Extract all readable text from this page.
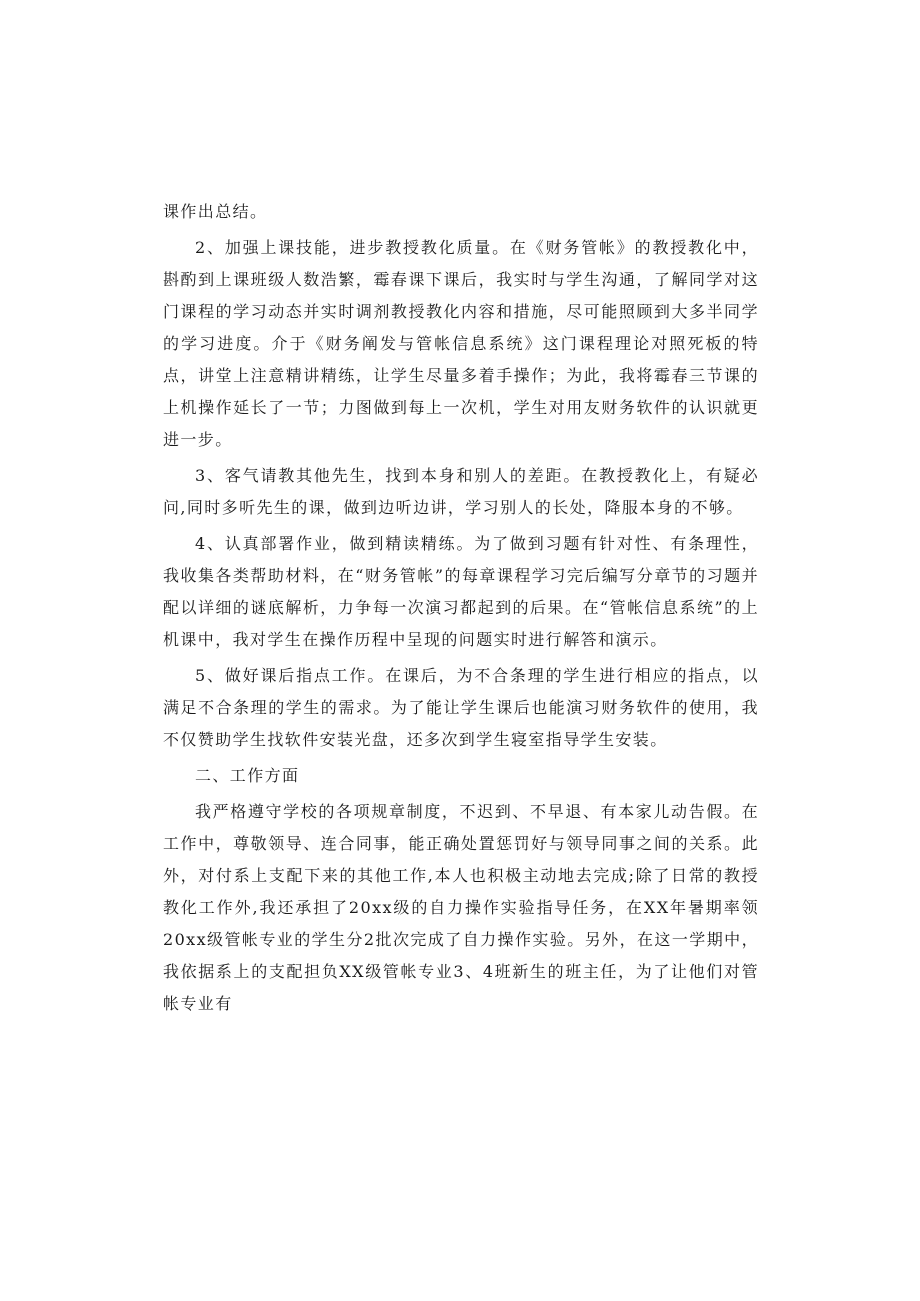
课作出总结。

2、加强上课技能，进步教授教化质量。在《财务管帐》的教授教化中，斟酌到上课班级人数浩繁，霉春课下课后，我实时与学生沟通，了解同学对这门课程的学习动态并实时调剂教授教化内容和措施，尽可能照顾到大多半同学的学习进度。介于《财务阐发与管帐信息系统》这门课程理论对照死板的特点，讲堂上注意精讲精练，让学生尽量多着手操作；为此，我将霉春三节课的上机操作延长了一节；力图做到每上一次机，学生对用友财务软件的认识就更进一步。

3、客气请教其他先生，找到本身和别人的差距。在教授教化上，有疑必问,同时多听先生的课，做到边听边讲，学习别人的长处，降服本身的不够。

4、认真部署作业，做到精读精练。为了做到习题有针对性、有条理性，我收集各类帮助材料，在“财务管帐”的每章课程学习完后编写分章节的习题并配以详细的谜底解析，力争每一次演习都起到的后果。在“管帐信息系统”的上机课中，我对学生在操作历程中呈现的问题实时进行解答和演示。

5、做好课后指点工作。在课后，为不合条理的学生进行相应的指点，以满足不合条理的学生的需求。为了能让学生课后也能演习财务软件的使用，我不仅赞助学生找软件安装光盘，还多次到学生寝室指导学生安装。

二、工作方面

我严格遵守学校的各项规章制度，不迟到、不早退、有本家儿动告假。在工作中，尊敬领导、连合同事，能正确处置惩罚好与领导同事之间的关系。此外，对付系上支配下来的其他工作,本人也积极主动地去完成;除了日常的教授教化工作外,我还承担了20xx级的自力操作实验指导任务，在XX年暑期率领20xx级管帐专业的学生分2批次完成了自力操作实验。另外，在这一学期中，我依据系上的支配担负XX级管帐专业3、4班新生的班主任，为了让他们对管帐专业有
